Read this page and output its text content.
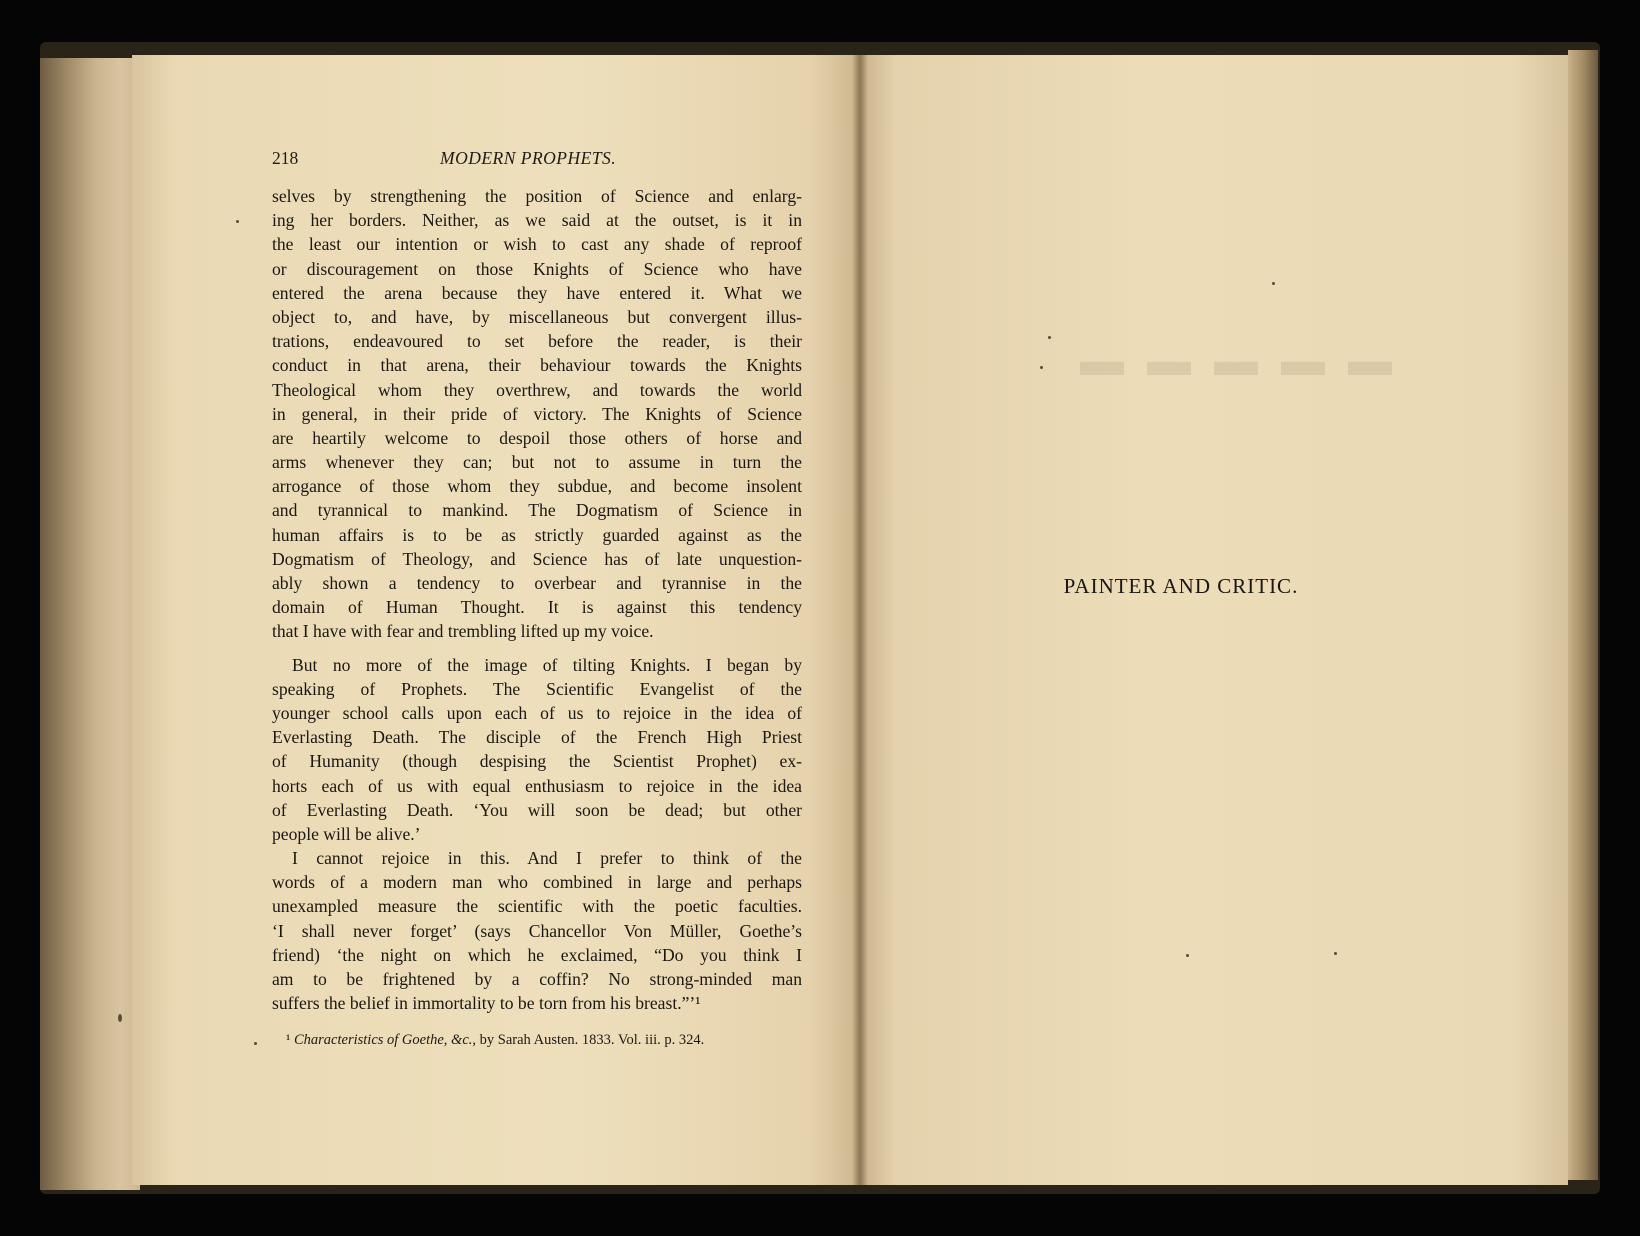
▬ ▬ ▬ ▬ ▬
218	MODERN PROPHETS.
selves by strengthening the position of Science and enlarg-
ing her borders. Neither, as we said at the outset, is it in
the least our intention or wish to cast any shade of reproof
or discouragement on those Knights of Science who have
entered the arena because they have entered it. What we
object to, and have, by miscellaneous but convergent illus-
trations, endeavoured to set before the reader, is their
conduct in that arena, their behaviour towards the Knights
Theological whom they overthrew, and towards the world
in general, in their pride of victory. The Knights of Science
are heartily welcome to despoil those others of horse and
arms whenever they can; but not to assume in turn the
arrogance of those whom they subdue, and become insolent
and tyrannical to mankind. The Dogmatism of Science in
human affairs is to be as strictly guarded against as the
Dogmatism of Theology, and Science has of late unquestion-
ably shown a tendency to overbear and tyrannise in the
domain of Human Thought. It is against this tendency
that I have with fear and trembling lifted up my voice.
But no more of the image of tilting Knights. I began by
speaking of Prophets. The Scientific Evangelist of the
younger school calls upon each of us to rejoice in the idea of
Everlasting Death. The disciple of the French High Priest
of Humanity (though despising the Scientist Prophet) ex-
horts each of us with equal enthusiasm to rejoice in the idea
of Everlasting Death. ‘You will soon be dead; but other
people will be alive.’
I cannot rejoice in this. And I prefer to think of the
words of a modern man who combined in large and perhaps
unexampled measure the scientific with the poetic faculties.
‘I shall never forget’ (says Chancellor Von Müller, Goethe’s
friend) ‘the night on which he exclaimed, “Do you think I
am to be frightened by a coffin? No strong-minded man
suffers the belief in immortality to be torn from his breast.”’¹
¹ Characteristics of Goethe, &c., by Sarah Austen. 1833. Vol. iii. p. 324.
PAINTER AND CRITIC.
